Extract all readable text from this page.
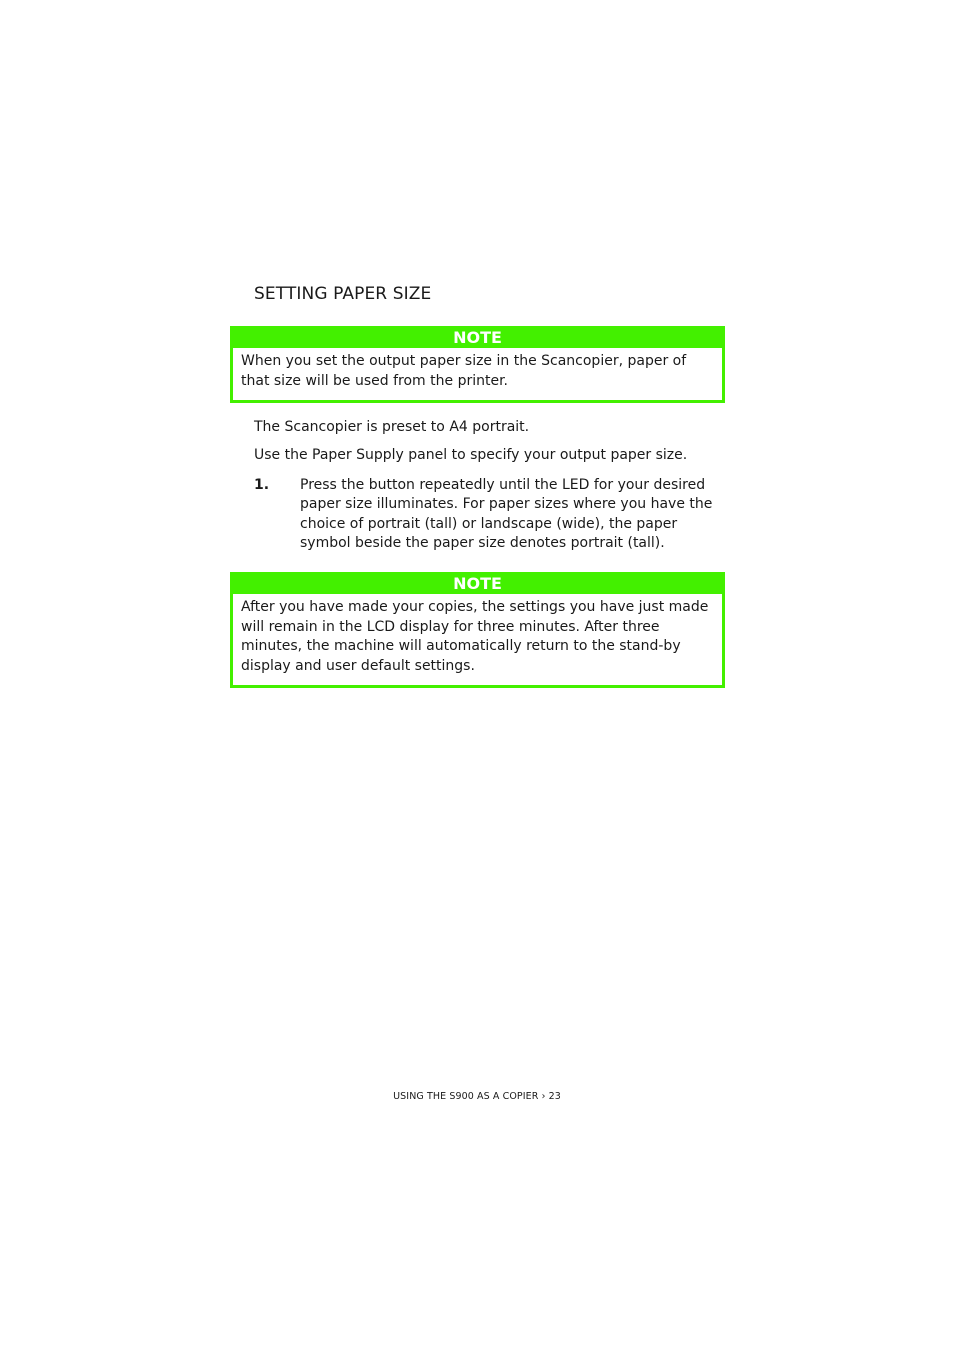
SETTING PAPER SIZE
NOTE
When you set the output paper size in the Scancopier, paper of that size will be used from the printer.

The Scancopier is preset to A4 portrait.

Use the Paper Supply panel to specify your output paper size.

1. Press the button repeatedly until the LED for your desired paper size illuminates. For paper sizes where you have the choice of portrait (tall) or landscape (wide), the paper symbol beside the paper size denotes portrait (tall).
NOTE
After you have made your copies, the settings you have just made will remain in the LCD display for three minutes. After three minutes, the machine will automatically return to the stand-by display and user default settings.
USING THE S900 AS A COPIER › 23
